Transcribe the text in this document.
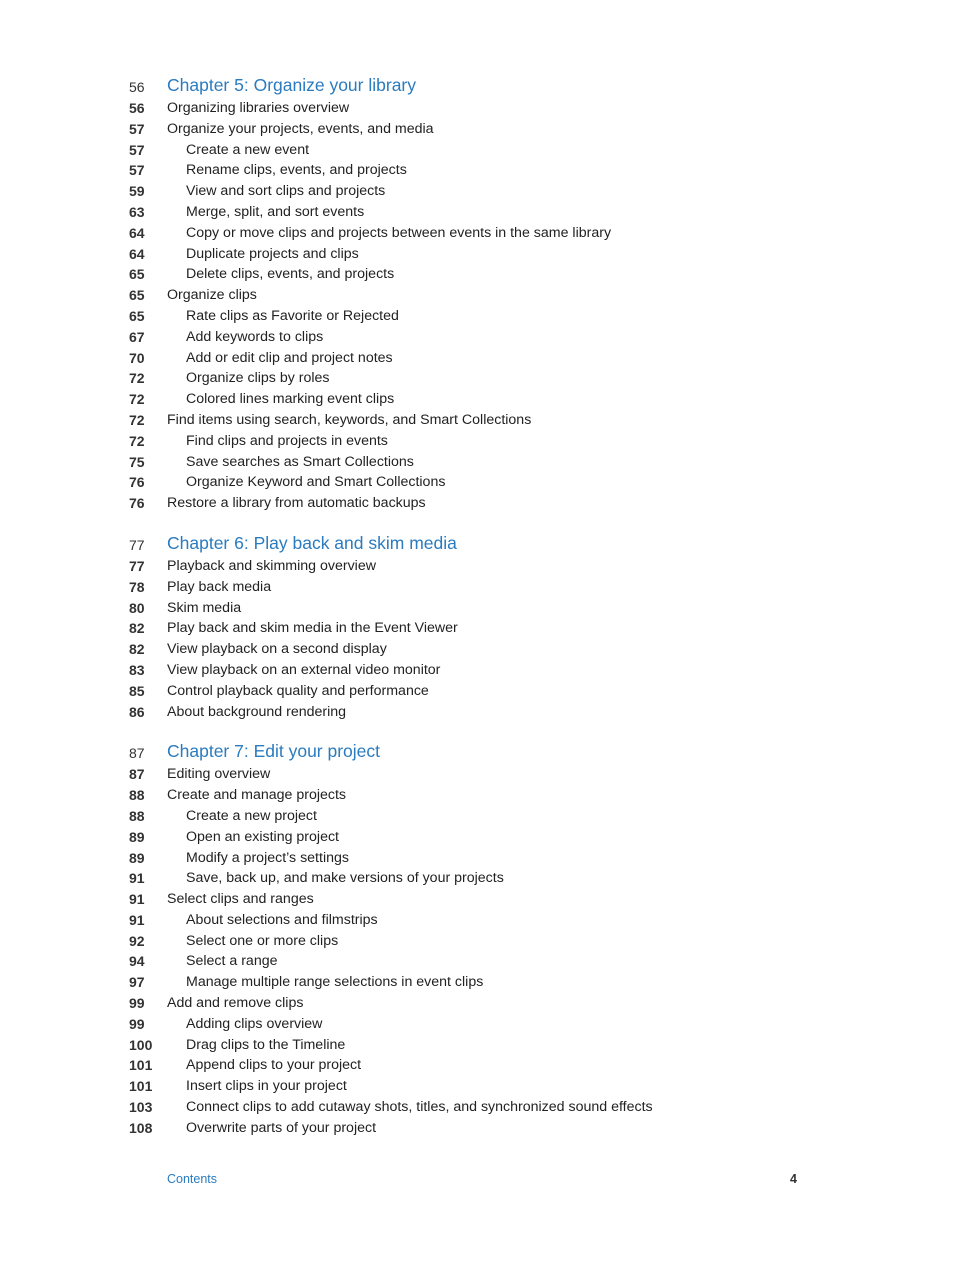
56 Chapter 5: Organize your library
56 Organizing libraries overview
57 Organize your projects, events, and media
57	Create a new event
57	Rename clips, events, and projects
59	View and sort clips and projects
63	Merge, split, and sort events
64	Copy or move clips and projects between events in the same library
64	Duplicate projects and clips
65	Delete clips, events, and projects
65 Organize clips
65	Rate clips as Favorite or Rejected
67	Add keywords to clips
70	Add or edit clip and project notes
72	Organize clips by roles
72	Colored lines marking event clips
72 Find items using search, keywords, and Smart Collections
72	Find clips and projects in events
75	Save searches as Smart Collections
76	Organize Keyword and Smart Collections
76 Restore a library from automatic backups
77 Chapter 6: Play back and skim media
77 Playback and skimming overview
78 Play back media
80 Skim media
82 Play back and skim media in the Event Viewer
82 View playback on a second display
83 View playback on an external video monitor
85 Control playback quality and performance
86 About background rendering
87 Chapter 7: Edit your project
87 Editing overview
88 Create and manage projects
88	Create a new project
89	Open an existing project
89	Modify a project’s settings
91	Save, back up, and make versions of your projects
91 Select clips and ranges
91	About selections and filmstrips
92	Select one or more clips
94	Select a range
97	Manage multiple range selections in event clips
99 Add and remove clips
99	Adding clips overview
100 Drag clips to the Timeline
101 Append clips to your project
101 Insert clips in your project
103 Connect clips to add cutaway shots, titles, and synchronized sound effects
108 Overwrite parts of your project
Contents	4
